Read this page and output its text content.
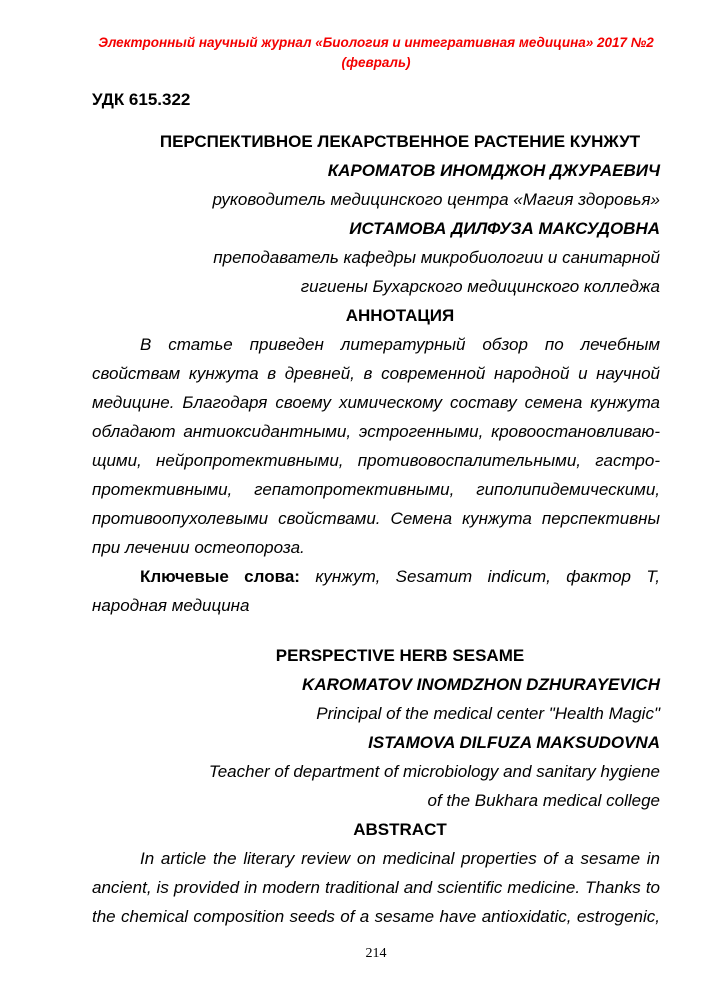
Электронный научный журнал «Биология и интегративная медицина» 2017 №2 (февраль)
УДК 615.322
ПЕРСПЕКТИВНОЕ ЛЕКАРСТВЕННОЕ РАСТЕНИЕ КУНЖУТ
КАРОМАТОВ ИНОМДЖОН ДЖУРАЕВИЧ
руководитель медицинского центра «Магия здоровья»
ИСТАМОВА ДИЛФУЗА МАКСУДОВНА
преподаватель кафедры микробиологии и санитарной
гигиены Бухарского медицинского колледжа
АННОТАЦИЯ
В статье приведен литературный обзор по лечебным
свойствам кунжута в древней, в современной народной и научной
медицине. Благодаря своему химическому составу семена кунжута
обладают антиоксидантными, эстрогенными, кровоостановливаю-
щими, нейропротективными, противовоспалительными, гастро-
протективными, гепатопротективными, гиполипидемическими,
противоопухолевыми свойствами. Семена кунжута перспективны
при лечении остеопороза.
Ключевые слова: кунжут, Sesamum indicum, фактор Т,
народная медицина
PERSPECTIVE HERB SESAME
KAROMATOV INOMDZHON DZHURAYEVICH
Principal of the medical center "Health Magic"
ISTAMOVA DILFUZA MAKSUDOVNA
Teacher of department of microbiology and sanitary hygiene
of the Bukhara medical college
ABSTRACT
In article the literary review on medicinal properties of a sesame in
ancient, is provided in modern traditional and scientific medicine. Thanks to
the chemical composition seeds of a sesame have antioxidatic, estrogenic,
214
